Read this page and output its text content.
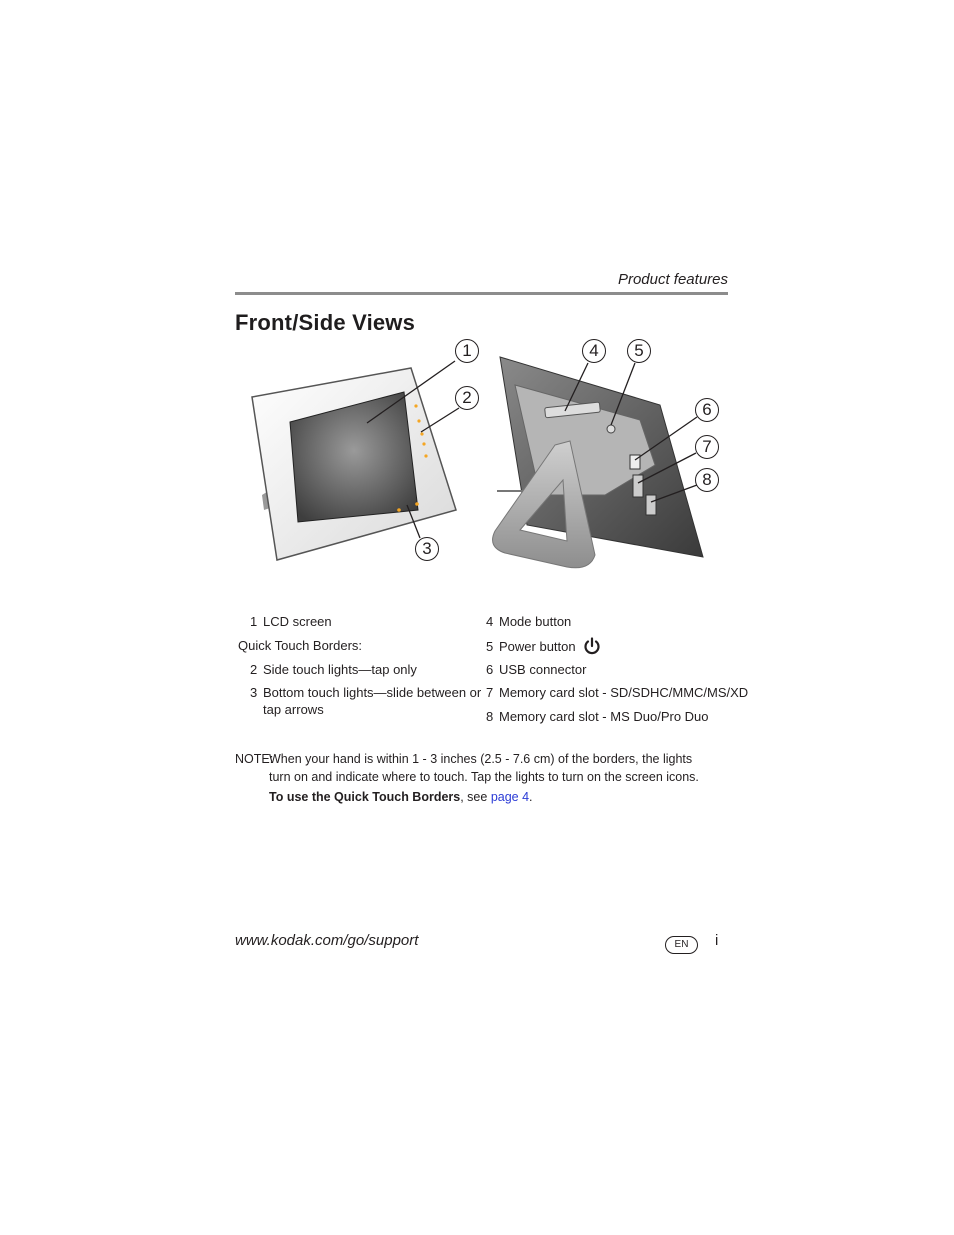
Product features
Front/Side Views
1
2
3
4	5
6
7
8
1 LCD screen
Quick Touch Borders:
2 Side touch lights—tap only
3 Bottom touch lights—slide between or
tap arrows
4 Mode button
5 Power button
6 USB connector
7 Memory card slot - SD/SDHC/MMC/MS/XD
8 Memory card slot - MS Duo/Pro Duo
NOTE:
When your hand is within 1 - 3 inches (2.5 - 7.6 cm) of the borders, the lights turn on and indicate where to touch. Tap the lights to turn on the screen icons.
To use the Quick Touch Borders, see page 4.
www.kodak.com/go/support	EN	i
